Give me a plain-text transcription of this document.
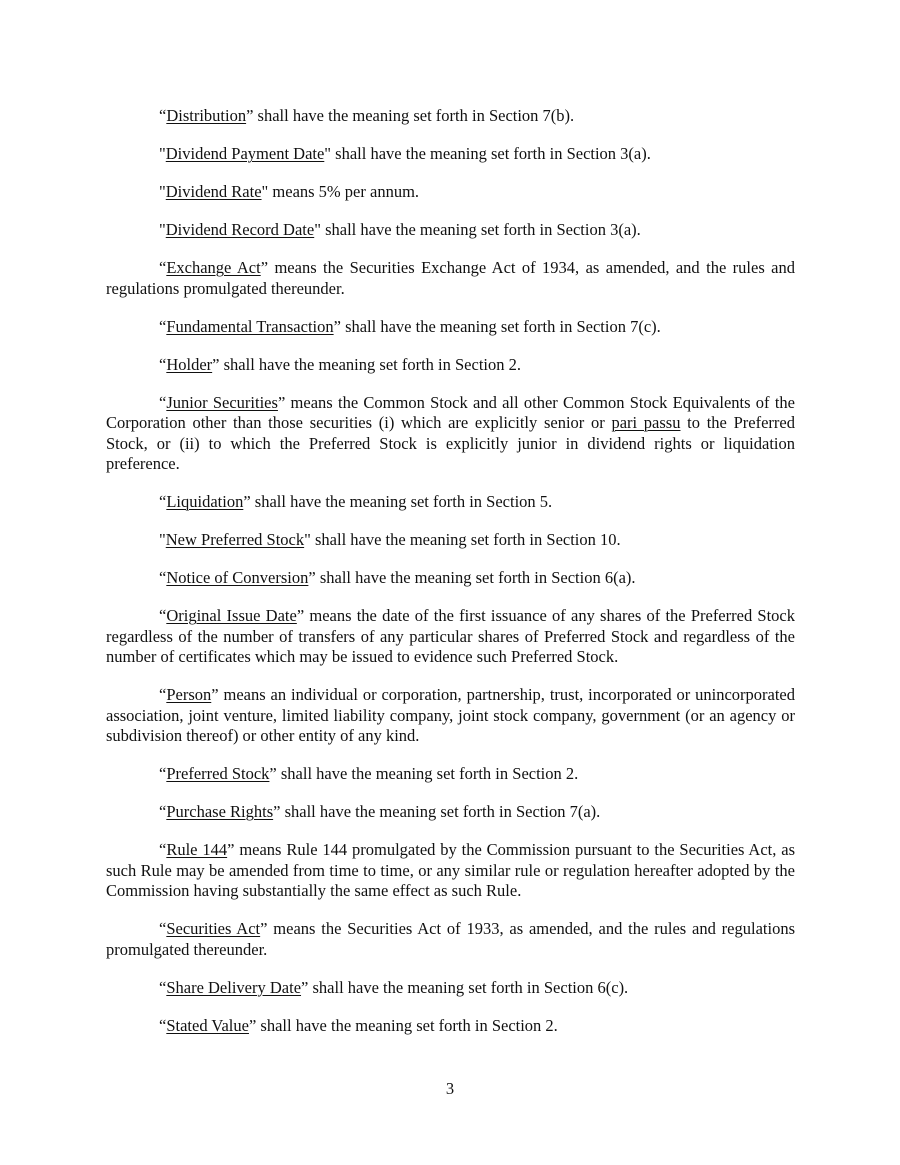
“Distribution” shall have the meaning set forth in Section 7(b).
"Dividend Payment Date" shall have the meaning set forth in Section 3(a).
"Dividend Rate" means 5% per annum.
"Dividend Record Date" shall have the meaning set forth in Section 3(a).
“Exchange Act” means the Securities Exchange Act of 1934, as amended, and the rules and regulations promulgated thereunder.
“Fundamental Transaction” shall have the meaning set forth in Section 7(c).
“Holder” shall have the meaning set forth in Section 2.
“Junior Securities” means the Common Stock and all other Common Stock Equivalents of the Corporation other than those securities (i) which are explicitly senior or pari passu to the Preferred Stock, or (ii) to which the Preferred Stock is explicitly junior in dividend rights or liquidation preference.
“Liquidation” shall have the meaning set forth in Section 5.
"New Preferred Stock" shall have the meaning set forth in Section 10.
“Notice of Conversion” shall have the meaning set forth in Section 6(a).
“Original Issue Date” means the date of the first issuance of any shares of the Preferred Stock regardless of the number of transfers of any particular shares of Preferred Stock and regardless of the number of certificates which may be issued to evidence such Preferred Stock.
“Person” means an individual or corporation, partnership, trust, incorporated or unincorporated association, joint venture, limited liability company, joint stock company, government (or an agency or subdivision thereof) or other entity of any kind.
“Preferred Stock” shall have the meaning set forth in Section 2.
“Purchase Rights” shall have the meaning set forth in Section 7(a).
“Rule 144” means Rule 144 promulgated by the Commission pursuant to the Securities Act, as such Rule may be amended from time to time, or any similar rule or regulation hereafter adopted by the Commission having substantially the same effect as such Rule.
“Securities Act” means the Securities Act of 1933, as amended, and the rules and regulations promulgated thereunder.
“Share Delivery Date” shall have the meaning set forth in Section 6(c).
“Stated Value” shall have the meaning set forth in Section 2.
3
